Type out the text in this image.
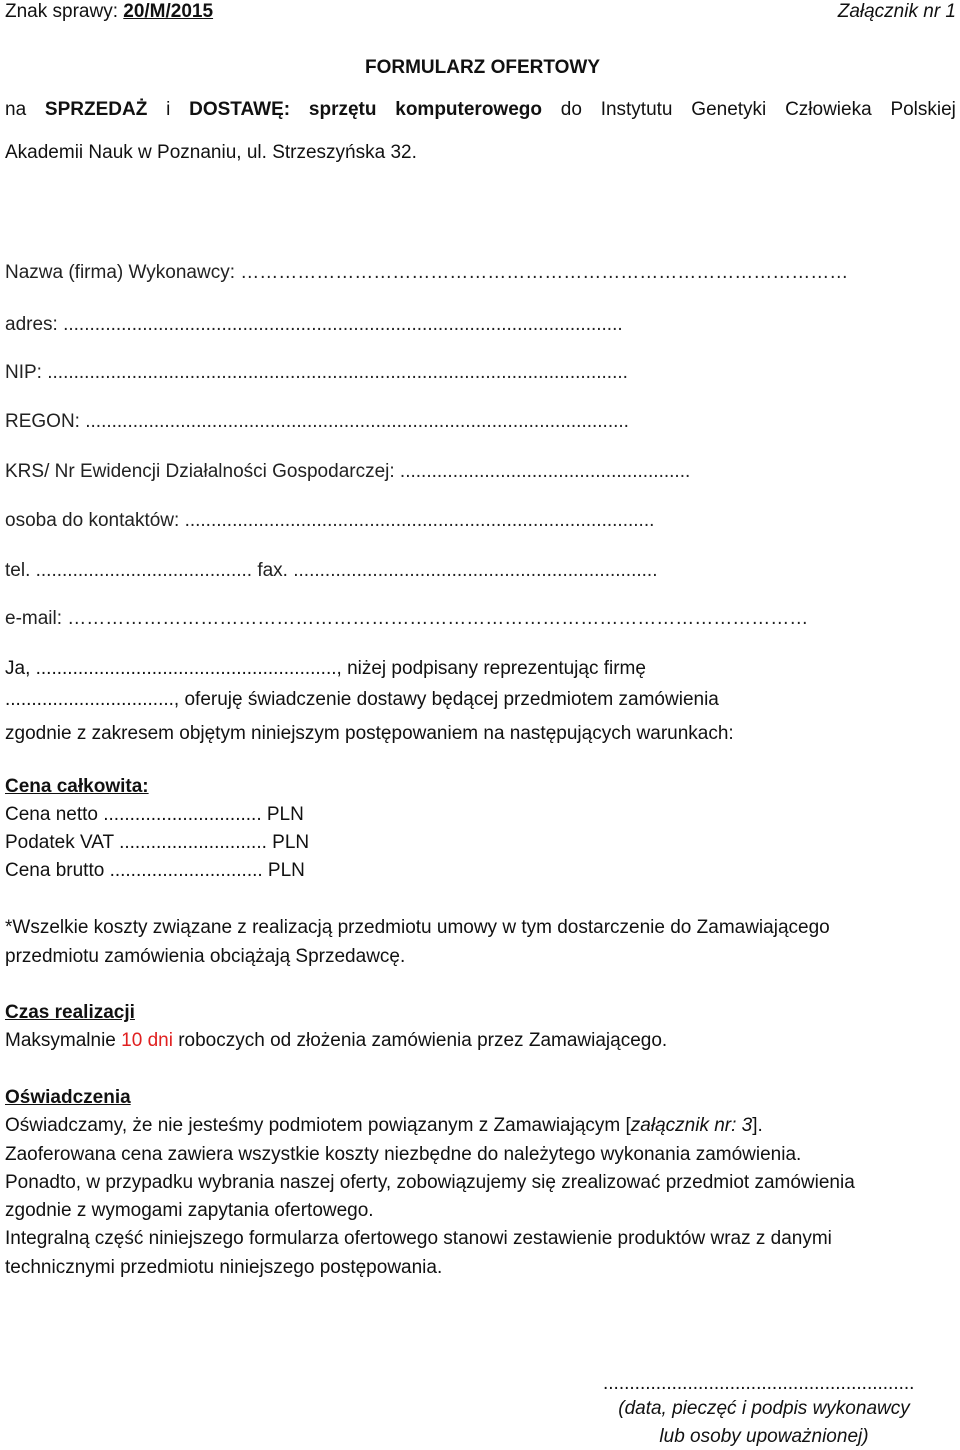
Znak sprawy: 20/M/2015	Załącznik nr 1
FORMULARZ OFERTOWY
na SPRZEDAŻ i DOSTAWĘ: sprzętu komputerowego do Instytutu Genetyki Człowieka Polskiej
Akademii Nauk w Poznaniu, ul. Strzeszyńska 32.
Nazwa (firma) Wykonawcy: ……………………………………………………………………………………
adres: ..........................................................................................................
NIP: ..............................................................................................................
REGON: .......................................................................................................
KRS/ Nr Ewidencji Działalności Gospodarczej: .......................................................
osoba do kontaktów: .........................................................................................
tel. ......................................... fax. .....................................................................
e-mail: ………………………………………………………………………………………………………
Ja, ........................................................., niżej podpisany reprezentując firmę
................................, oferuję świadczenie dostawy będącej przedmiotem zamówienia
zgodnie z zakresem objętym niniejszym postępowaniem na następujących warunkach:
Cena całkowita:
Cena netto .............................. PLN
Podatek VAT ............................ PLN
Cena brutto ............................. PLN
*Wszelkie koszty związane z realizacją przedmiotu umowy w tym dostarczenie do Zamawiającego
przedmiotu zamówienia obciążają Sprzedawcę.
Czas realizacji
Maksymalnie 10 dni roboczych od złożenia zamówienia przez Zamawiającego.
Oświadczenia
Oświadczamy, że nie jesteśmy podmiotem powiązanym z Zamawiającym [załącznik nr: 3].
Zaoferowana cena zawiera wszystkie koszty niezbędne do należytego wykonania zamówienia.
Ponadto, w przypadku wybrania naszej oferty, zobowiązujemy się zrealizować przedmiot zamówienia
zgodnie z wymogami zapytania ofertowego.
Integralną część niniejszego formularza ofertowego stanowi zestawienie produktów wraz z danymi
technicznymi przedmiotu niniejszego postępowania.
...........................................................
(data, pieczęć i podpis wykonawcy
lub osoby upoważnionej)
